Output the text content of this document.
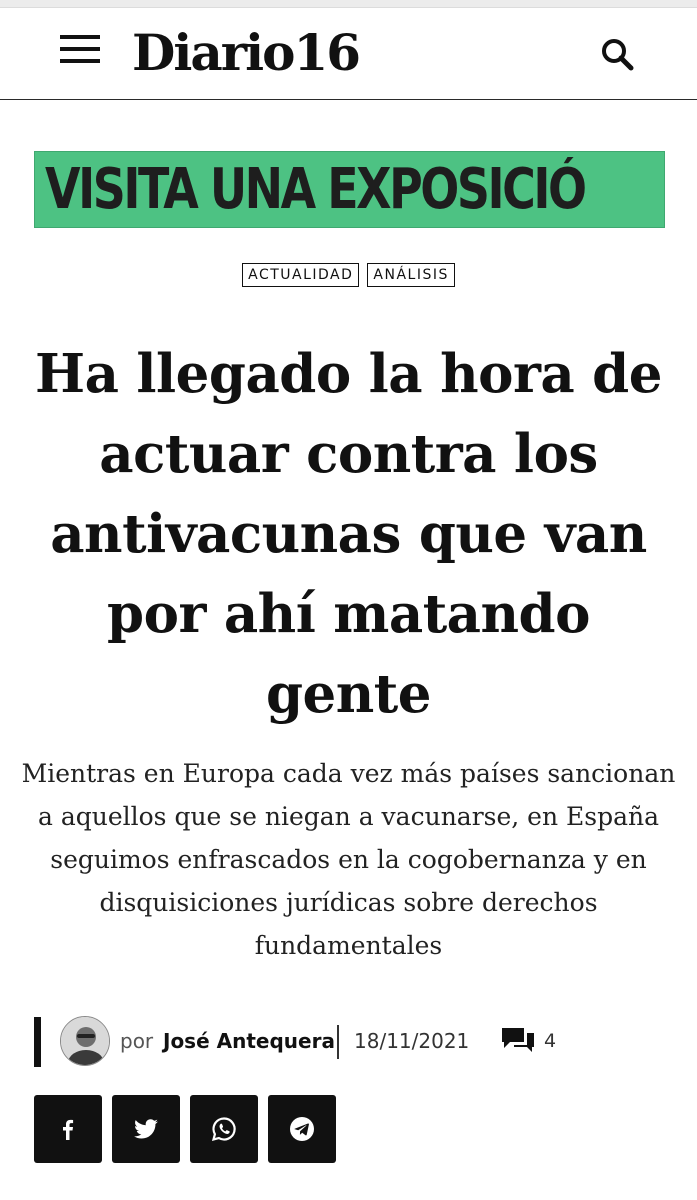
Diario16
VISITA UNA EXPOSICIÓ
ACTUALIDAD ANÁLISIS
Ha llegado la hora de actuar contra los antivacunas que van por ahí matando gente

Mientras en Europa cada vez más países sancionan a aquellos que se niegan a vacunarse, en España seguimos enfrascados en la cogobernanza y en disquisiciones jurídicas sobre derechos fundamentales

por José Antequera 18/11/2021	4
